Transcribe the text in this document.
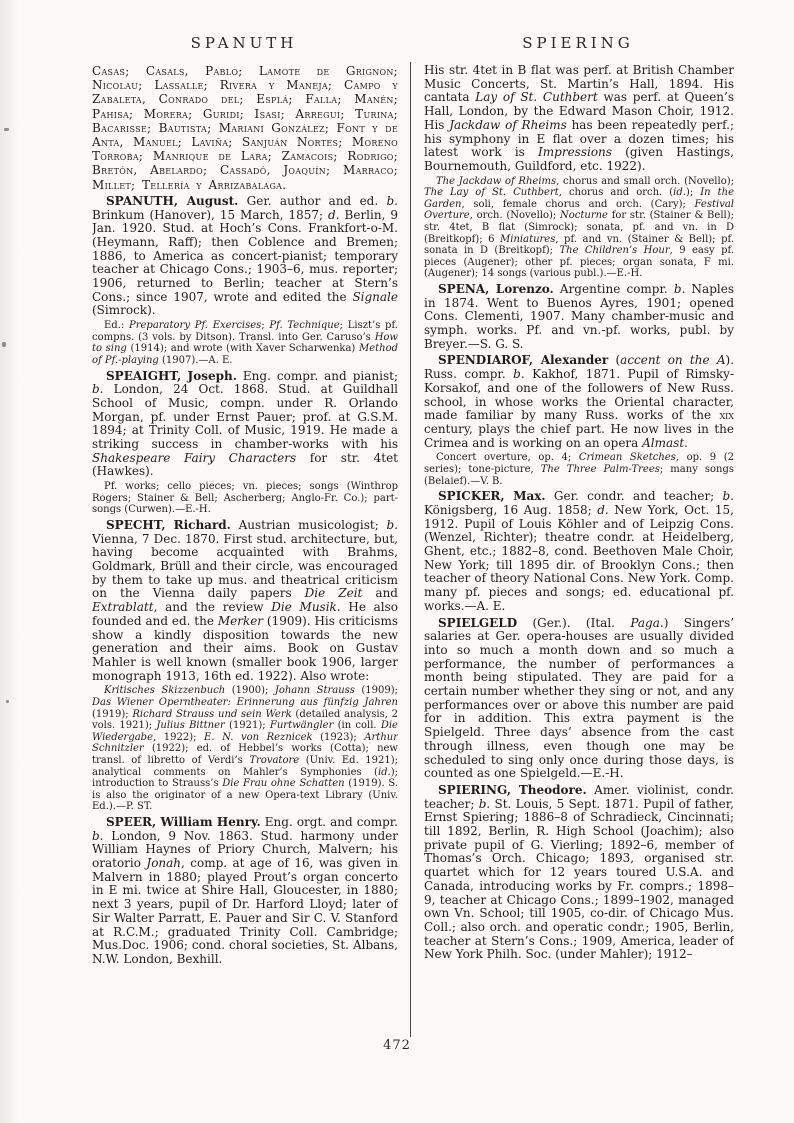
SPANUTH	SPIERING

Casas; Casals, Pablo; Lamote de Grignon; Nicolau; Lassalle; Rivera y Maneja; Campo y Zabaleta, Conrado del; Esplá; Falla; Manén; Pahisa; Morera; Guridi; Isasi; Arregui; Turina; Bacarisse; Bautista; Mariani González; Font y de Anta, Manuel; Laviña; Sanjuán Nortes; Moreno Torroba; Manrique de Lara; Zamacois; Rodrigo; Bretón, Abelardo; Cassadó, Joaquín; Marraco; Millet; Tellería y Arrizabalaga.

SPANUTH, August. Ger. author and ed. b. Brinkum (Hanover), 15 March, 1857; d. Berlin, 9 Jan. 1920. Stud. at Hoch’s Cons. Frankfort-o-M. (Heymann, Raff); then Coblence and Bremen; 1886, to America as concert-pianist; temporary teacher at Chicago Cons.; 1903–6, mus. reporter; 1906, returned to Berlin; teacher at Stern’s Cons.; since 1907, wrote and edited the Signale (Simrock).

Ed.: Preparatory Pf. Exercises; Pf. Technique; Liszt’s pf. compns. (3 vols. by Ditson). Transl. into Ger. Caruso’s How to sing (1914); and wrote (with Xaver Scharwenka) Method of Pf.-playing (1907).—A. E.

SPEAIGHT, Joseph. Eng. compr. and pianist; b. London, 24 Oct. 1868. Stud. at Guildhall School of Music, compn. under R. Orlando Morgan, pf. under Ernst Pauer; prof. at G.S.M. 1894; at Trinity Coll. of Music, 1919. He made a striking success in chamber-works with his Shakespeare Fairy Characters for str. 4tet (Hawkes).

Pf. works; cello pieces; vn. pieces; songs (Winthrop Rogers; Stainer & Bell; Ascherberg; Anglo-Fr. Co.); part-songs (Curwen).—E.-H.

SPECHT, Richard. Austrian musicologist; b. Vienna, 7 Dec. 1870. First stud. architecture, but, having become acquainted with Brahms, Goldmark, Brüll and their circle, was encouraged by them to take up mus. and theatrical criticism on the Vienna daily papers Die Zeit and Extrablatt, and the review Die Musik. He also founded and ed. the Merker (1909). His criticisms show a kindly disposition towards the new generation and their aims. Book on Gustav Mahler is well known (smaller book 1906, larger monograph 1913, 16th ed. 1922). Also wrote:

Kritisches Skizzenbuch (1900); Johann Strauss (1909); Das Wiener Operntheater: Erinnerung aus fünfzig Jahren (1919); Richard Strauss und sein Werk (detailed analysis, 2 vols. 1921); Julius Bittner (1921); Furtwängler (in coll. Die Wiedergabe, 1922); E. N. von Reznicek (1923); Arthur Schnitzler (1922); ed. of Hebbel’s works (Cotta); new transl. of libretto of Verdi’s Trovatore (Univ. Ed. 1921); analytical comments on Mahler’s Symphonies (id.); introduction to Strauss’s Die Frau ohne Schatten (1919). S. is also the originator of a new Opera-text Library (Univ. Ed.).—P. ST.

SPEER, William Henry. Eng. orgt. and compr. b. London, 9 Nov. 1863. Stud. harmony under William Haynes of Priory Church, Malvern; his oratorio Jonah, comp. at age of 16, was given in Malvern in 1880; played Prout’s organ concerto in E mi. twice at Shire Hall, Gloucester, in 1880; next 3 years, pupil of Dr. Harford Lloyd; later of Sir Walter Parratt, E. Pauer and Sir C. V. Stanford at R.C.M.; graduated Trinity Coll. Cambridge; Mus.Doc. 1906; cond. choral societies, St. Albans, N.W. London, Bexhill.

His str. 4tet in B flat was perf. at British Chamber Music Concerts, St. Martin’s Hall, 1894. His cantata Lay of St. Cuthbert was perf. at Queen’s Hall, London, by the Edward Mason Choir, 1912. His Jackdaw of Rheims has been repeatedly perf.; his symphony in E flat over a dozen times; his latest work is Impressions (given Hastings, Bournemouth, Guildford, etc. 1922).

The Jackdaw of Rheims, chorus and small orch. (Novello); The Lay of St. Cuthbert, chorus and orch. (id.); In the Garden, soli, female chorus and orch. (Cary); Festival Overture, orch. (Novello); Nocturne for str. (Stainer & Bell); str. 4tet, B flat (Simrock); sonata, pf. and vn. in D (Breitkopf); 6 Miniatures, pf. and vn. (Stainer & Bell); pf. sonata in D (Breitkopf); The Children’s Hour, 9 easy pf. pieces (Augener); other pf. pieces; organ sonata, F mi. (Augener); 14 songs (various publ.).—E.-H.

SPENA, Lorenzo. Argentine compr. b. Naples in 1874. Went to Buenos Ayres, 1901; opened Cons. Clementi, 1907. Many chamber-music and symph. works. Pf. and vn.-pf. works, publ. by Breyer.—S. G. S.

SPENDIAROF, Alexander (accent on the A). Russ. compr. b. Kakhof, 1871. Pupil of Rimsky-Korsakof, and one of the followers of New Russ. school, in whose works the Oriental character, made familiar by many Russ. works of the xix century, plays the chief part. He now lives in the Crimea and is working on an opera Almast.

Concert overture, op. 4; Crimean Sketches, op. 9 (2 series); tone-picture, The Three Palm-Trees; many songs (Belaief).—V. B.

SPICKER, Max. Ger. condr. and teacher; b. Königsberg, 16 Aug. 1858; d. New York, Oct. 15, 1912. Pupil of Louis Köhler and of Leipzig Cons. (Wenzel, Richter); theatre condr. at Heidelberg, Ghent, etc.; 1882–8, cond. Beethoven Male Choir, New York; till 1895 dir. of Brooklyn Cons.; then teacher of theory National Cons. New York. Comp. many pf. pieces and songs; ed. educational pf. works.—A. E.

SPIELGELD (Ger.). (Ital. Paga.) Singers’ salaries at Ger. opera-houses are usually divided into so much a month down and so much a performance, the number of performances a month being stipulated. They are paid for a certain number whether they sing or not, and any performances over or above this number are paid for in addition. This extra payment is the Spielgeld. Three days’ absence from the cast through illness, even though one may be scheduled to sing only once during those days, is counted as one Spielgeld.—E.-H.

SPIERING, Theodore. Amer. violinist, condr. teacher; b. St. Louis, 5 Sept. 1871. Pupil of father, Ernst Spiering; 1886–8 of Schradieck, Cincinnati; till 1892, Berlin, R. High School (Joachim); also private pupil of G. Vierling; 1892–6, member of Thomas’s Orch. Chicago; 1893, organised str. quartet which for 12 years toured U.S.A. and Canada, introducing works by Fr. comprs.; 1898–9, teacher at Chicago Cons.; 1899–1902, managed own Vn. School; till 1905, co-dir. of Chicago Mus. Coll.; also orch. and operatic condr.; 1905, Berlin, teacher at Stern’s Cons.; 1909, America, leader of New York Philh. Soc. (under Mahler); 1912–

472
